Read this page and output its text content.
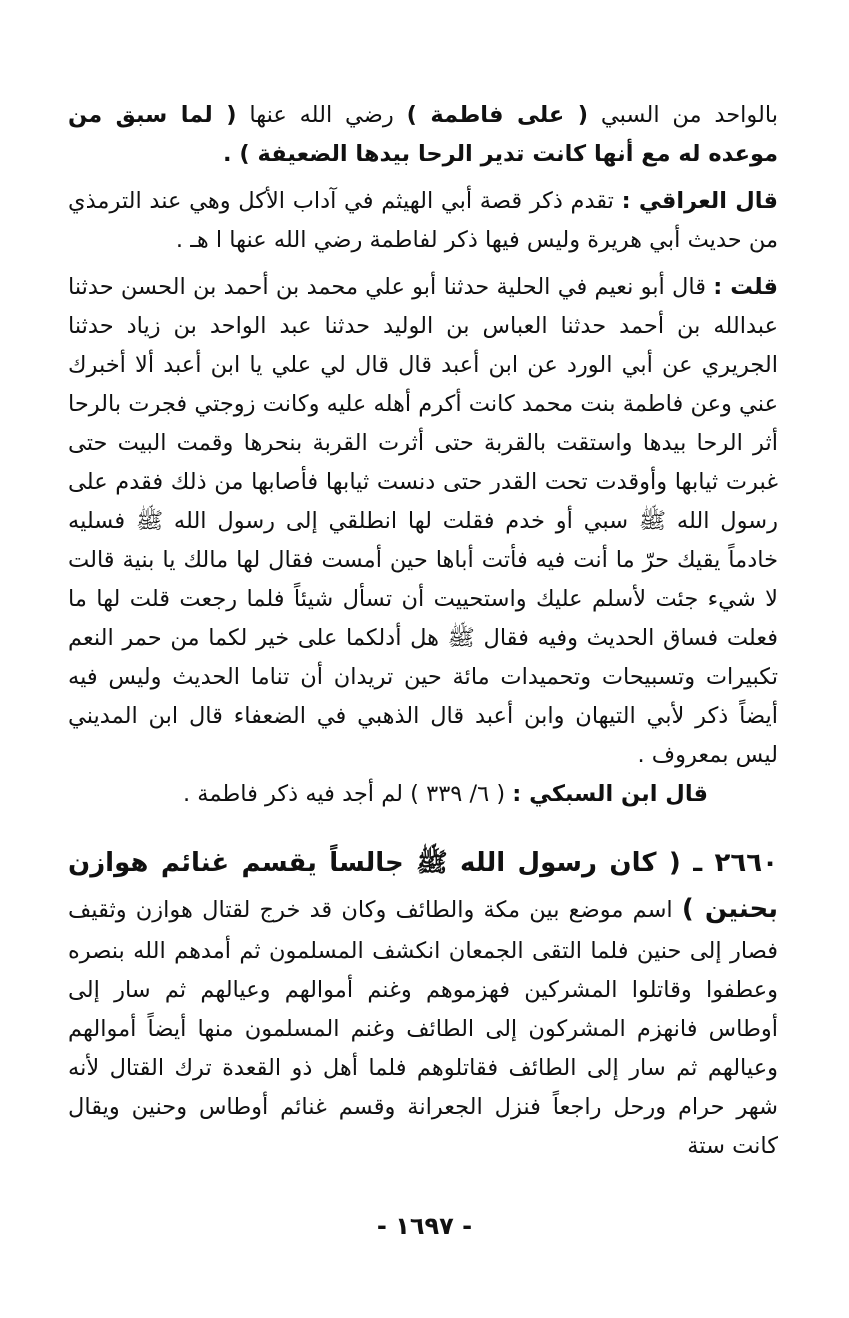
بالواحد من السبي ( على فاطمة ) رضي الله عنها ( لما سبق من موعده له مع أنها كانت تدير الرحا بيدها الضعيفة ) .

قال العراقي : تقدم ذكر قصة أبي الهيثم في آداب الأكل وهي عند الترمذي من حديث أبي هريرة وليس فيها ذكر لفاطمة رضي الله عنها ا هـ .

قلت : قال أبو نعيم في الحلية حدثنا أبو علي محمد بن أحمد بن الحسن حدثنا عبدالله بن أحمد حدثنا العباس بن الوليد حدثنا عبد الواحد بن زياد حدثنا الجريري عن أبي الورد عن ابن أعبد قال قال لي علي يا ابن أعبد ألا أخبرك عني وعن فاطمة بنت محمد كانت أكرم أهله عليه وكانت زوجتي فجرت بالرحا أثر الرحا بيدها واستقت بالقربة حتى أثرت القربة بنحرها وقمت البيت حتى غبرت ثيابها وأوقدت تحت القدر حتى دنست ثيابها فأصابها من ذلك فقدم على رسول الله ﷺ سبي أو خدم فقلت لها انطلقي إلى رسول الله ﷺ فسليه خادماً يقيك حرّ ما أنت فيه فأتت أباها حين أمست فقال لها مالك يا بنية قالت لا شيء جئت لأسلم عليك واستحييت أن تسأل شيئاً فلما رجعت قلت لها ما فعلت فساق الحديث وفيه فقال ﷺ هل أدلكما على خير لكما من حمر النعم تكبيرات وتسبيحات وتحميدات مائة حين تريدان أن تناما الحديث وليس فيه أيضاً ذكر لأبي التيهان وابن أعبد قال الذهبي في الضعفاء قال ابن المديني ليس بمعروف .

قال ابن السبكي : ( ٦/ ٣٣٩ ) لم أجد فيه ذكر فاطمة .

٢٦٦٠ ـ ( كان رسول الله ﷺ جالساً يقسم غنائم هوازن بحنين ) اسم موضع بين مكة والطائف وكان قد خرج لقتال هوازن وثقيف فصار إلى حنين فلما التقى الجمعان انكشف المسلمون ثم أمدهم الله بنصره وعطفوا وقاتلوا المشركين فهزموهم وغنم أموالهم وعيالهم ثم سار إلى أوطاس فانهزم المشركون إلى الطائف وغنم المسلمون منها أيضاً أموالهم وعيالهم ثم سار إلى الطائف فقاتلوهم فلما أهل ذو القعدة ترك القتال لأنه شهر حرام ورحل راجعاً فنزل الجعرانة وقسم غنائم أوطاس وحنين ويقال كانت ستة

- ١٦٩٧ -
